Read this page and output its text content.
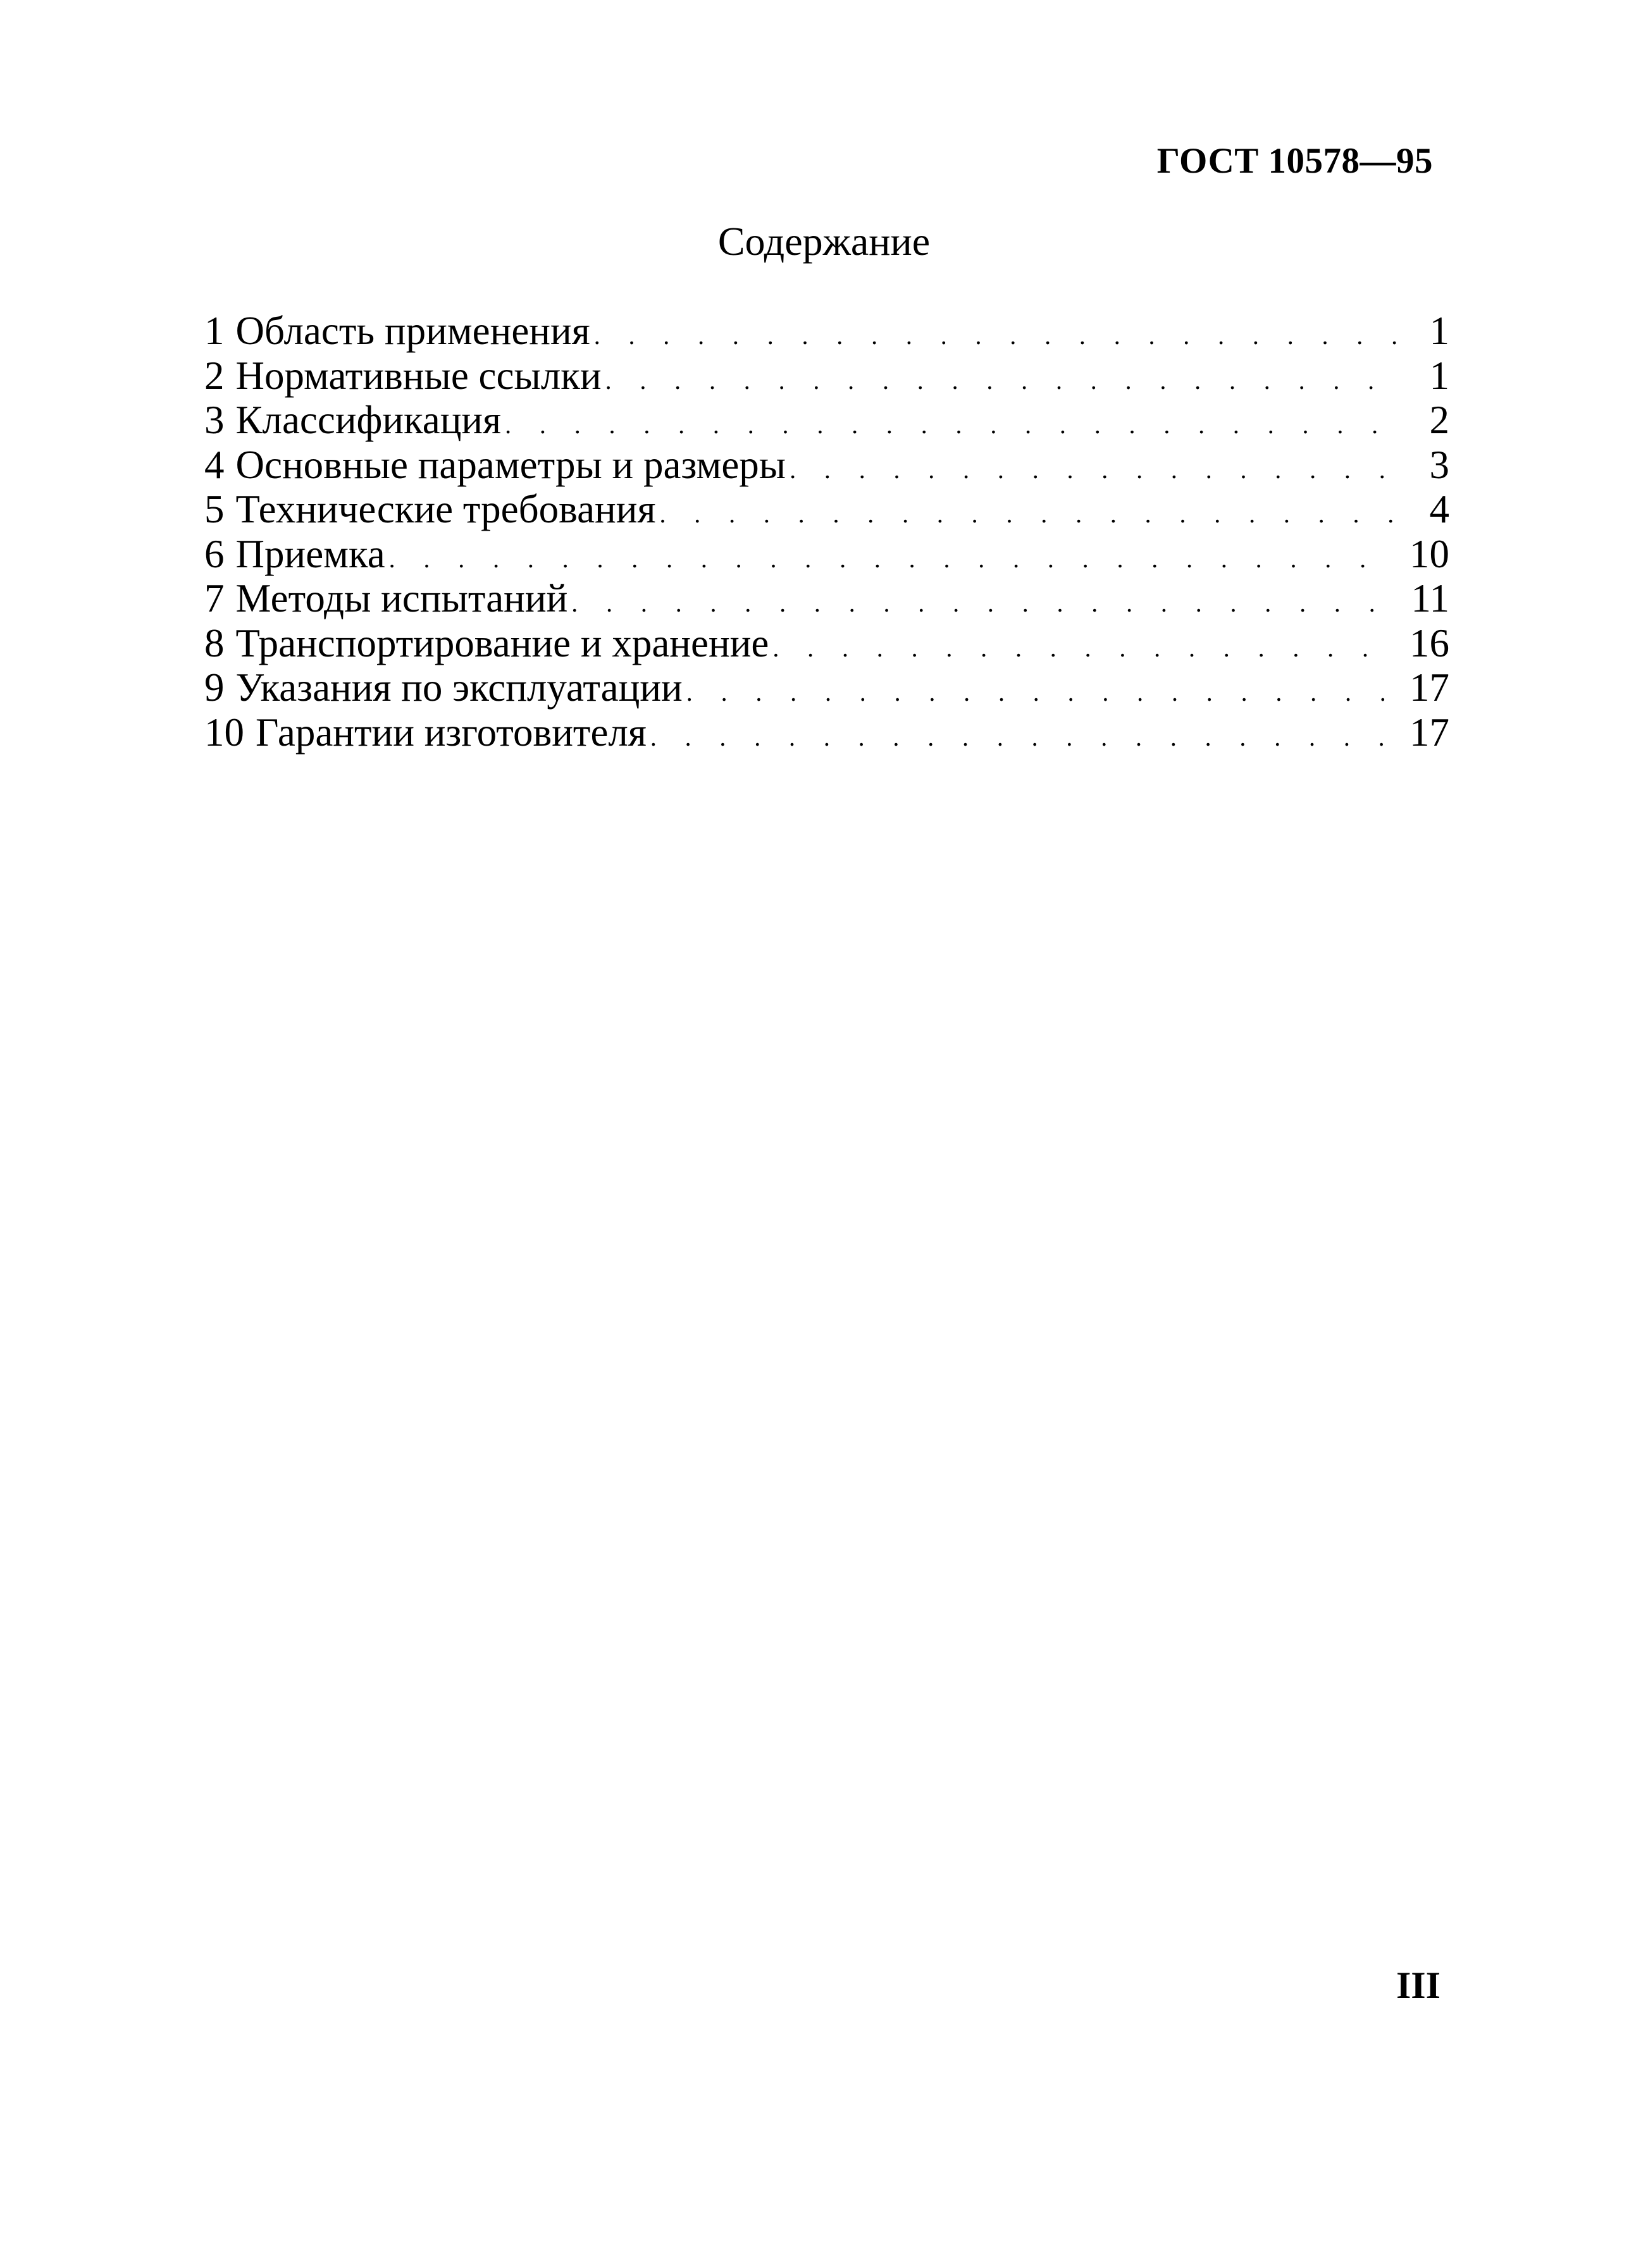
ГОСТ 10578—95
Содержание
1 Область применения . . .	1
2 Нормативные ссылки . . .	1
3 Классификация . . .	2
4 Основные параметры и размеры . . .	3
5 Технические требования . . .	4
6 Приемка . . .	10
7 Методы испытаний . . .	11
8 Транспортирование и хранение . . .	16
9 Указания по эксплуатации . . .	17
10 Гарантии изготовителя . . .	17
III
